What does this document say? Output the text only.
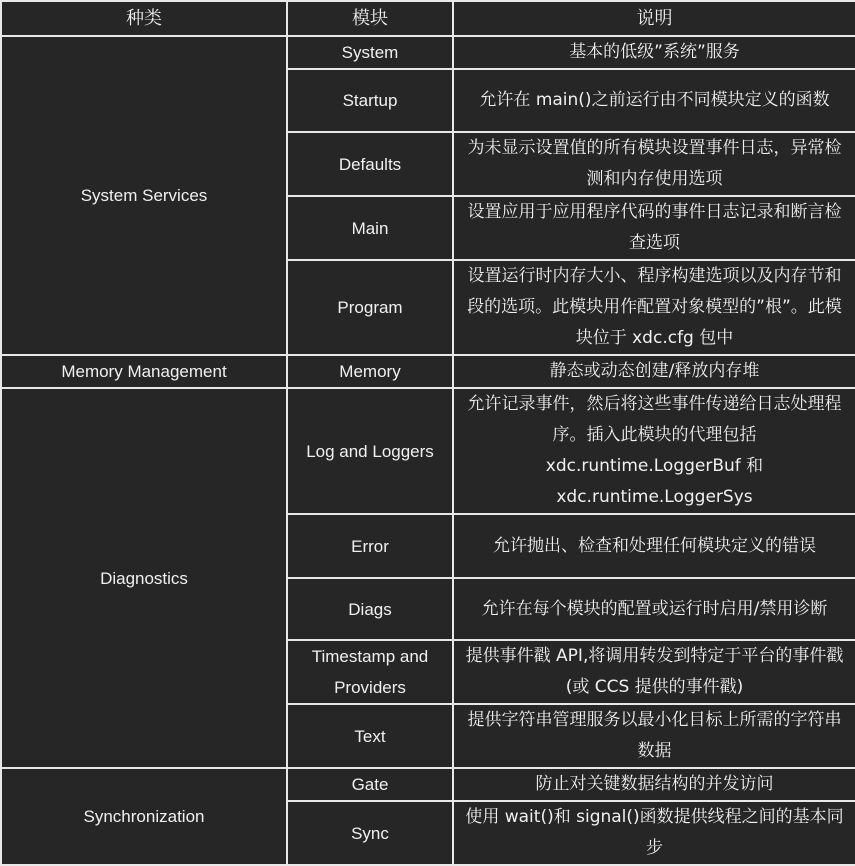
种类	模块	说明
System Services	System	基本的低级”系统”服务
	Startup	允许在 main()之前运行由不同模块定义的函数
	Defaults	为未显示设置值的所有模块设置事件日志，异常检测和内存使用选项
	Main	设置应用于应用程序代码的事件日志记录和断言检查选项
	Program	设置运行时内存大小、程序构建选项以及内存节和段的选项。此模块用作配置对象模型的”根”。此模块位于 xdc.cfg 包中
Memory Management	Memory	静态或动态创建/释放内存堆
Diagnostics	Log and Loggers	允许记录事件，然后将这些事件传递给日志处理程序。插入此模块的代理包括 xdc.runtime.LoggerBuf 和 xdc.runtime.LoggerSys
	Error	允许抛出、检查和处理任何模块定义的错误
	Diags	允许在每个模块的配置或运行时启用/禁用诊断
	Timestamp and Providers	提供事件戳 API,将调用转发到特定于平台的事件戳(或 CCS 提供的事件戳)
	Text	提供字符串管理服务以最小化目标上所需的字符串数据
Synchronization	Gate	防止对关键数据结构的并发访问
	Sync	使用 wait()和 signal()函数提供线程之间的基本同步
